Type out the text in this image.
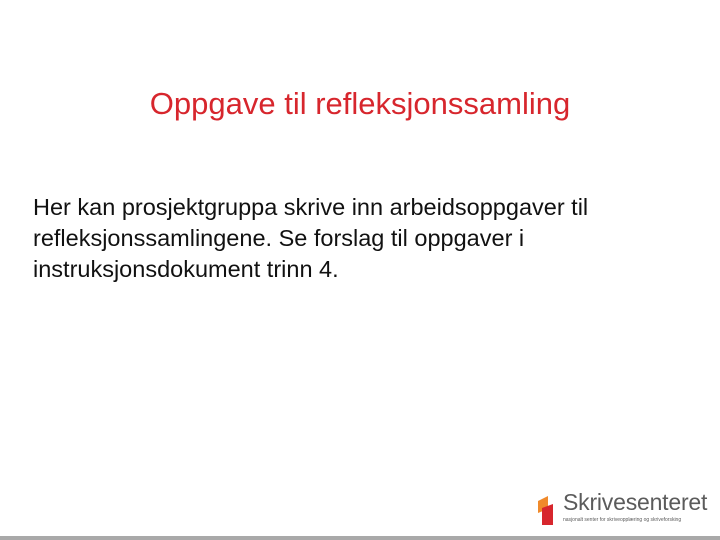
Oppgave til refleksjonssamling

Her kan prosjektgruppa skrive inn arbeidsoppgaver til refleksjonssamlingene. Se forslag til oppgaver i instruksjonsdokument trinn 4.

Skrivesenteret
nasjonalt senter for skriveopplæring og skriveforsking
